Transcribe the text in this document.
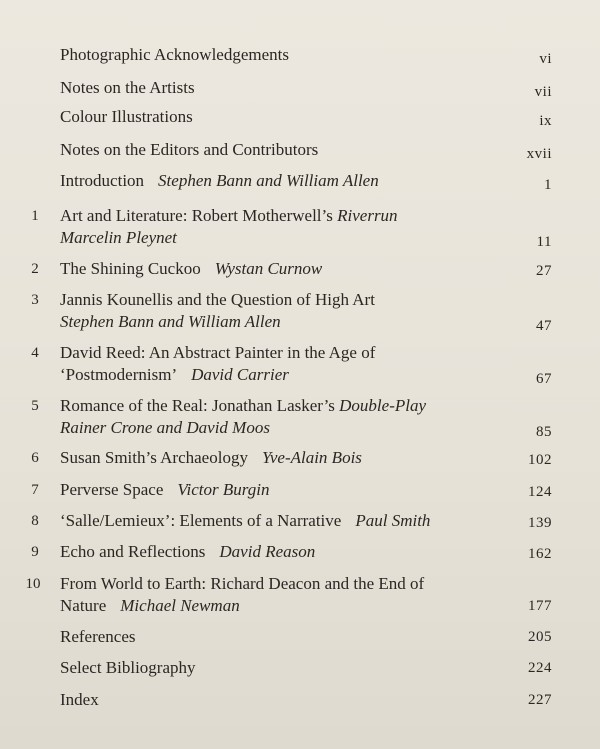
Photographic Acknowledgements	vi
Notes on the Artists	vii
Colour Illustrations	ix
Notes on the Editors and Contributors	xvii
Introduction Stephen Bann and William Allen	1
1	Art and Literature: Robert Motherwell’s Riverrun
Marcelin Pleynet	11
2	The Shining Cuckoo Wystan Curnow	27
3	Jannis Kounellis and the Question of High Art
Stephen Bann and William Allen	47
4	David Reed: An Abstract Painter in the Age of
‘Postmodernism’ David Carrier	67
5	Romance of the Real: Jonathan Lasker’s Double-Play
Rainer Crone and David Moos	85
6	Susan Smith’s Archaeology Yve-Alain Bois	102
7	Perverse Space Victor Burgin	124
8	‘Salle/Lemieux’: Elements of a Narrative Paul Smith	139
9	Echo and Reflections David Reason	162
10	From World to Earth: Richard Deacon and the End of
Nature Michael Newman	177
References	205
Select Bibliography	224
Index	227
